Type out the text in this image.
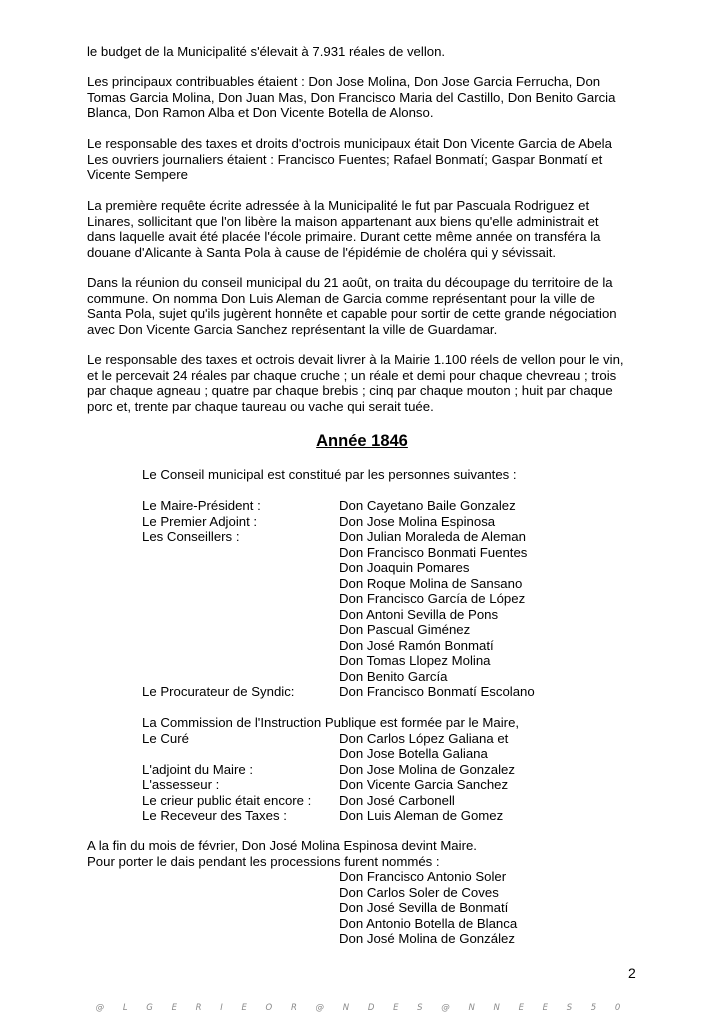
le budget de la Municipalité s'élevait à 7.931 réales de vellon.
Les principaux contribuables étaient : Don Jose Molina, Don Jose Garcia Ferrucha, Don
Tomas Garcia Molina, Don Juan Mas, Don Francisco Maria del Castillo, Don Benito Garcia
Blanca, Don Ramon Alba et Don Vicente Botella de Alonso.
Le responsable des taxes et droits d'octrois municipaux était Don Vicente Garcia de Abela
Les ouvriers journaliers étaient : Francisco Fuentes; Rafael Bonmatí; Gaspar Bonmatí et
Vicente Sempere
La première requête écrite adressée à la Municipalité le fut par Pascuala Rodriguez et
Linares, sollicitant que l'on libère la maison appartenant aux biens qu'elle administrait et
dans laquelle avait été placée l'école primaire. Durant cette même année on transféra la
douane d'Alicante à Santa Pola à cause de l'épidémie de choléra qui y sévissait.
Dans la réunion du conseil municipal du 21 août, on traita du découpage du territoire de la
commune. On nomma Don Luis Aleman de Garcia comme représentant pour la ville de
Santa Pola, sujet qu'ils jugèrent honnête et capable pour sortir de cette grande négociation
avec Don Vicente Garcia Sanchez représentant la ville de Guardamar.
Le responsable des taxes et octrois devait livrer à la Mairie 1.100 réels de vellon pour le vin,
et le percevait 24 réales par chaque cruche ; un réale et demi pour chaque chevreau ; trois
par chaque agneau ; quatre par chaque brebis ; cinq par chaque mouton ; huit par chaque
porc et, trente par chaque taureau ou vache qui serait tuée.
Année 1846
Le Conseil municipal est constitué par les personnes suivantes :
Le Maire-Président :	Don Cayetano Baile Gonzalez
Le Premier Adjoint :	Don Jose Molina Espinosa
Les Conseillers :	Don Julian Moraleda de Aleman
Don Francisco Bonmati Fuentes
Don Joaquin Pomares
Don Roque Molina de Sansano
Don Francisco García de López
Don Antoni Sevilla de Pons
Don Pascual Giménez
Don José Ramón Bonmatí
Don Tomas Llopez Molina
Don Benito García
Le Procurateur de Syndic:	Don Francisco Bonmatí Escolano
La Commission de l'Instruction Publique est formée par le Maire,
Le Curé	Don Carlos López Galiana et
Don Jose Botella Galiana
L'adjoint du Maire :	Don Jose Molina de Gonzalez
L'assesseur :	Don Vicente Garcia Sanchez
Le crieur public était encore : Don José Carbonell
Le Receveur des Taxes :	Don Luis Aleman de Gomez
A la fin du mois de février, Don José Molina Espinosa devint Maire.
Pour porter le dais pendant les processions furent nommés :
Don Francisco Antonio Soler
Don Carlos Soler de Coves
Don José Sevilla de Bonmatí
Don Antonio Botella de Blanca
Don José Molina de González
2
@ L G E R I E O R @ N D E S @ N N E E S 5 0
